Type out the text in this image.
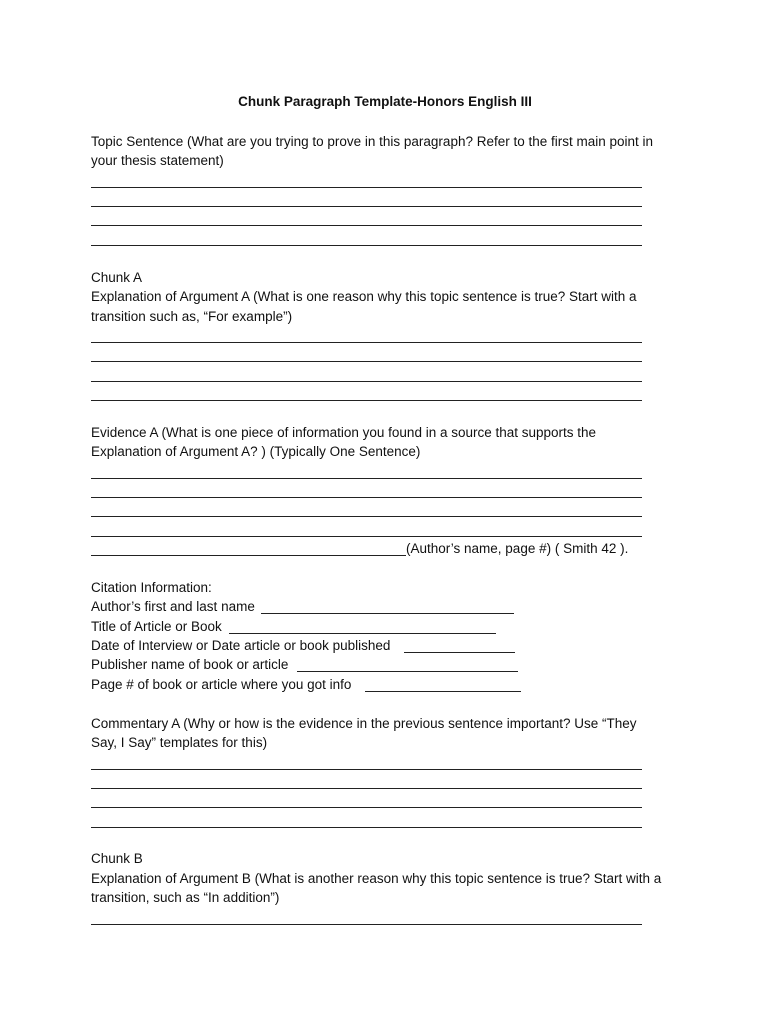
Chunk Paragraph Template-Honors English III
Topic Sentence (What are you trying to prove in this paragraph? Refer to the first main point in
your thesis statement)
Chunk A
Explanation of Argument A (What is one reason why this topic sentence is true? Start with a
transition such as, “For example”)
Evidence A (What is one piece of information you found in a source that supports the
Explanation of Argument A? ) (Typically One Sentence)
(Author’s name, page #) ( Smith 42 ).
Citation Information:
Author’s first and last name
Title of Article or Book
Date of Interview or Date article or book published
Publisher name of book or article
Page # of book or article where you got info
Commentary A (Why or how is the evidence in the previous sentence important? Use “They
Say, I Say” templates for this)
Chunk B
Explanation of Argument B (What is another reason why this topic sentence is true? Start with a
transition, such as “In addition”)
